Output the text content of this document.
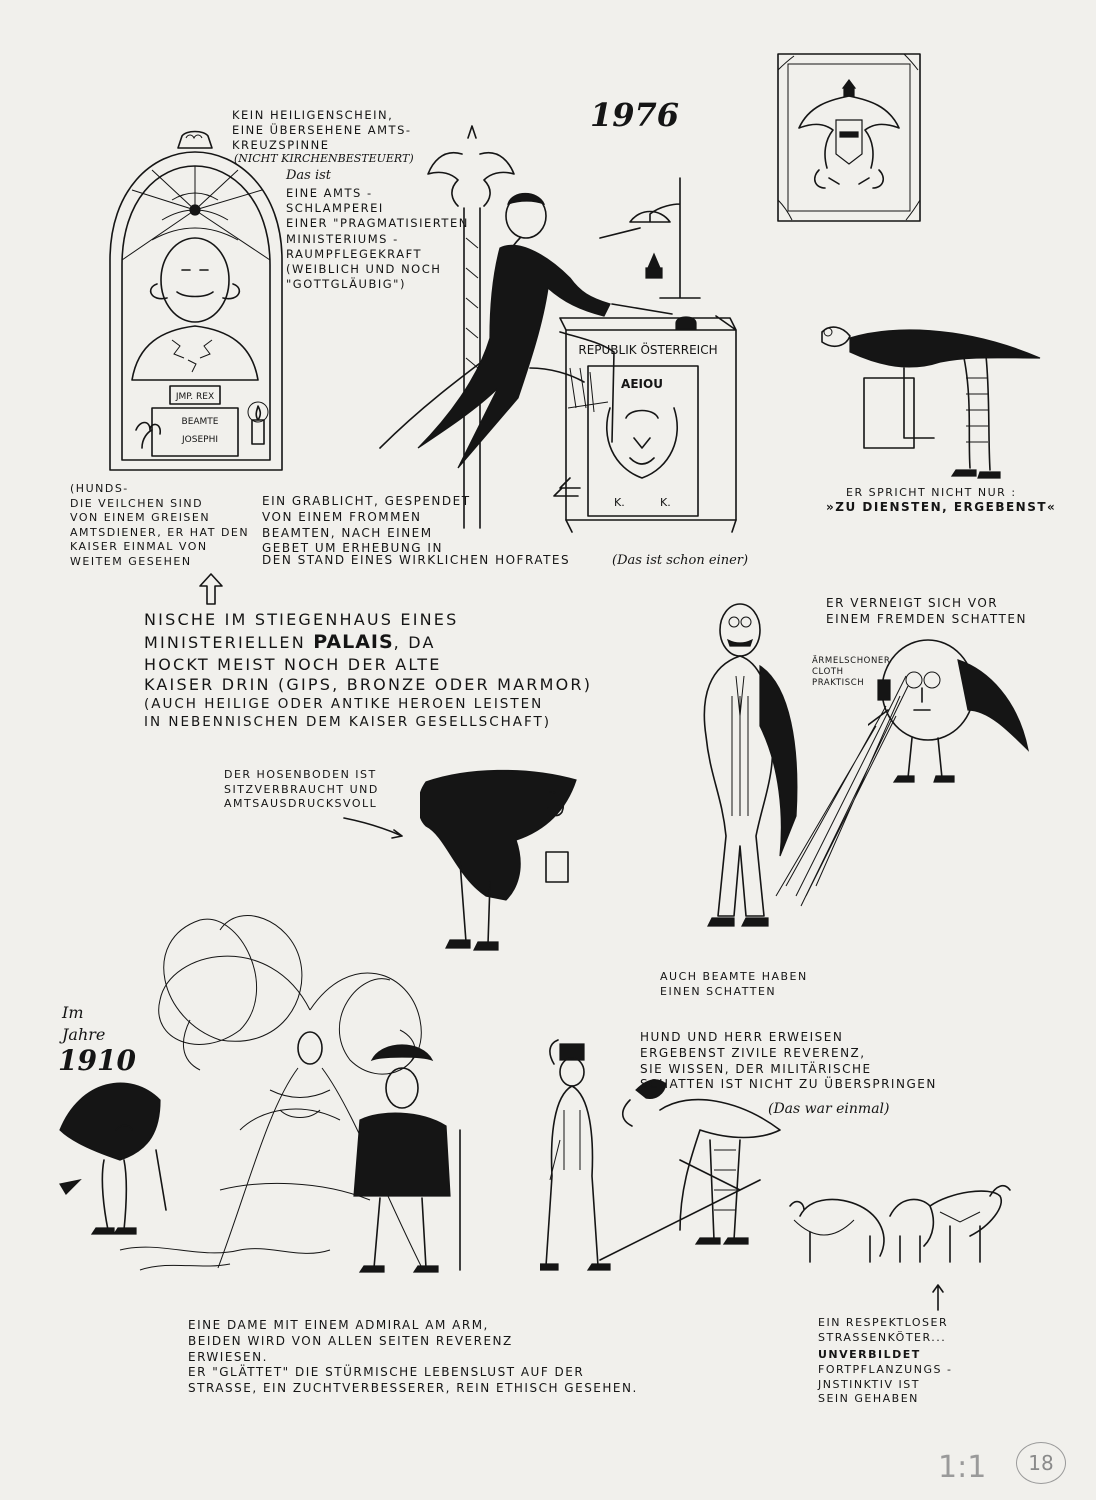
1976
JMP. REX
BEAMTE
JOSEPHI
KEIN HEILIGENSCHEIN,
EINE ÜBERSEHENE AMTS-
KREUZSPINNE
(NICHT KIRCHENBESTEUERT)
Das ist
EINE AMTS -
SCHLAMPEREI
EINER "PRAGMATISIERTEN
MINISTERIUMS -
RAUMPFLEGEKRAFT
(WEIBLICH UND NOCH
"GOTTGLÄUBIG")
(HUNDS-
DIE VEILCHEN SIND
VON EINEM GREISEN
AMTSDIENER, ER HAT DEN
KAISER EINMAL VON
WEITEM GESEHEN
EIN GRABLICHT, GESPENDET
VON EINEM FROMMEN
BEAMTEN, NACH EINEM
GEBET UM ERHEBUNG IN
DEN STAND EINES WIRKLICHEN HOFRATES	(Das ist schon einer)
NISCHE IM STIEGENHAUS EINES
MINISTERIELLEN PALAIS, DA
HOCKT MEIST NOCH DER ALTE
KAISER DRIN (GIPS, BRONZE ODER MARMOR)
(AUCH HEILIGE ODER ANTIKE HEROEN LEISTEN
IN NEBENNISCHEN DEM KAISER GESELLSCHAFT)
REPUBLIK ÖSTERREICH
AEIOU
K.	K.
ER SPRICHT NICHT NUR :
»ZU DIENSTEN, ERGEBENST«
ER VERNEIGT SICH VOR
EINEM FREMDEN SCHATTEN
ÄRMELSCHONER
CLOTH
PRAKTISCH
AUCH BEAMTE HABEN
EINEN SCHATTEN
DER HOSENBODEN IST
SITZVERBRAUCHT UND
AMTSAUSDRUCKSVOLL
Im
Jahre
1910
HUND UND HERR ERWEISEN
ERGEBENST ZIVILE REVERENZ,
SIE WISSEN, DER MILITÄRISCHE
SCHATTEN IST NICHT ZU ÜBERSPRINGEN
(Das war einmal)
EINE DAME MIT EINEM ADMIRAL AM ARM,
BEIDEN WIRD VON ALLEN SEITEN REVERENZ
ERWIESEN.
ER "GLÄTTET" DIE STÜRMISCHE LEBENSLUST AUF DER
STRASSE, EIN ZUCHTVERBESSERER, REIN ETHISCH GESEHEN.
EIN RESPEKTLOSER
STRASSENKÖTER...
UNVERBILDET
FORTPFLANZUNGS -
JNSTINKTIV IST
SEIN GEHABEN
1:1 18
